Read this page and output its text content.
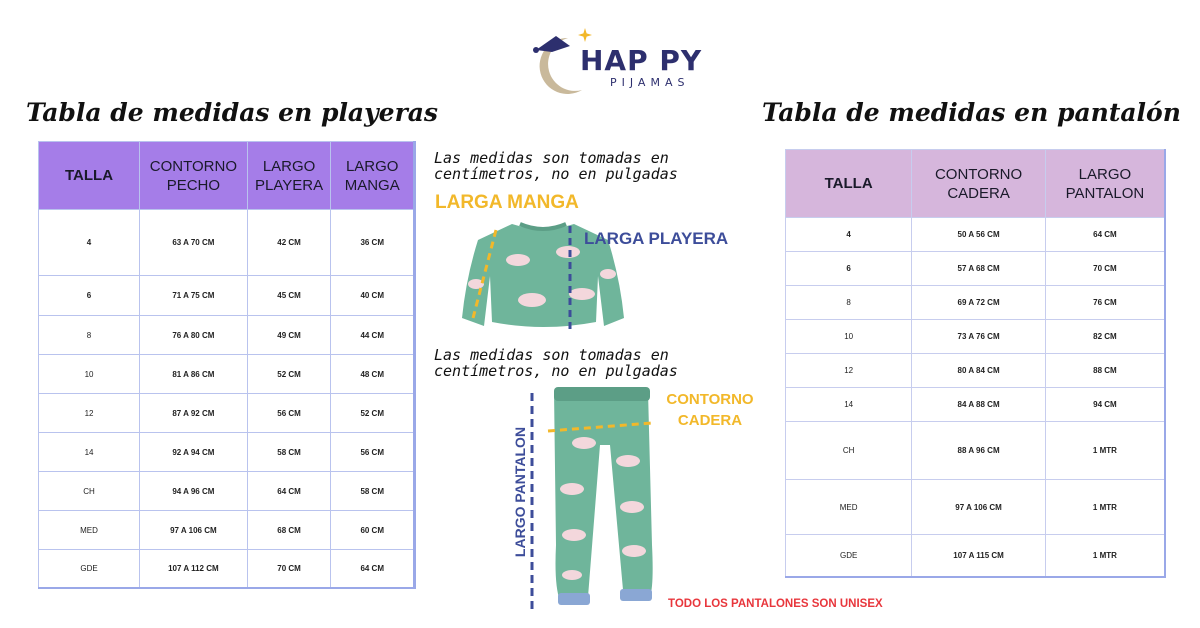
HAP PY
PIJAMAS
Tabla de medidas en playeras	Tabla de medidas en pantalón
TALLA	CONTORNO PECHO	LARGO PLAYERA	LARGO MANGA
4	63 A 70 CM	42 CM	36 CM
6	71 A 75 CM	45 CM	40 CM
8	76 A 80 CM	49 CM	44 CM
10	81 A 86 CM	52 CM	48 CM
12	87 A 92 CM	56 CM	52 CM
14	92 A 94 CM	58 CM	56 CM
CH	94 A 96 CM	64 CM	58 CM
MED	97 A 106 CM	68 CM	60 CM
GDE	107 A 112 CM	70 CM	64 CM
TALLA	CONTORNO CADERA	LARGO PANTALON
4	50 A 56 CM	64 CM
6	57 A 68 CM	70 CM
8	69 A 72 CM	76 CM
10	73 A 76 CM	82 CM
12	80 A 84 CM	88 CM
14	84 A 88 CM	94 CM
CH	88 A 96 CM	1 MTR
MED	97 A 106 CM	1 MTR
GDE	107 A 115 CM	1 MTR
Las medidas son tomadas en centímetros, no en pulgadas
Las medidas son tomadas en centímetros, no en pulgadas
LARGA MANGA
LARGA PLAYERA
CONTORNO CADERA
LARGO PANTALON
TODO LOS PANTALONES SON UNISEX
